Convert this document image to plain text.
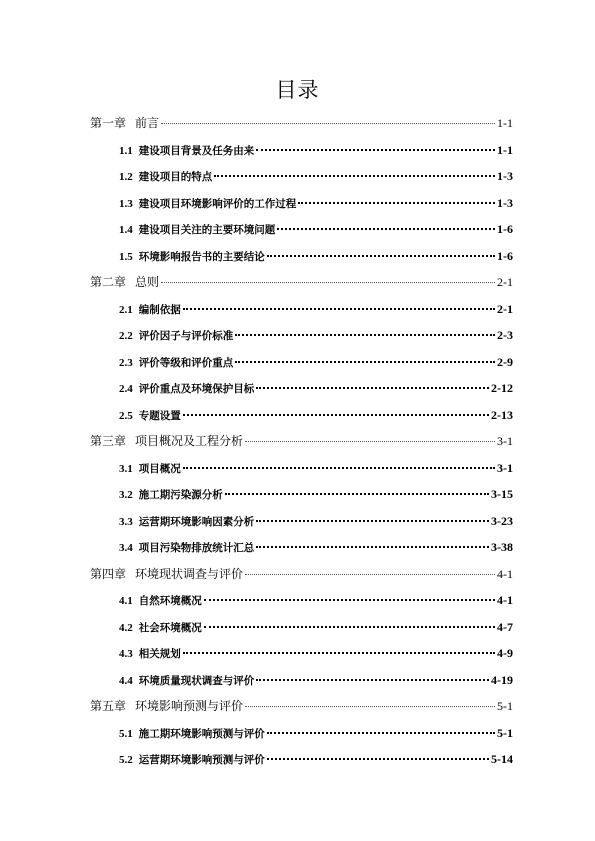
目录
第一章 前言	1-1
1.1 建设项目背景及任务由来	1-1
1.2 建设项目的特点	1-3
1.3 建设项目环境影响评价的工作过程	1-3
1.4 建设项目关注的主要环境问题	1-6
1.5 环境影响报告书的主要结论	1-6
第二章 总则	2-1
2.1 编制依据	2-1
2.2 评价因子与评价标准	2-3
2.3 评价等级和评价重点	2-9
2.4 评价重点及环境保护目标	2-12
2.5 专题设置	2-13
第三章 项目概况及工程分析	3-1
3.1 项目概况	3-1
3.2 施工期污染源分析	3-15
3.3 运营期环境影响因素分析	3-23
3.4 项目污染物排放统计汇总	3-38
第四章 环境现状调查与评价	4-1
4.1 自然环境概况	4-1
4.2 社会环境概况	4-7
4.3 相关规划	4-9
4.4 环境质量现状调查与评价	4-19
第五章 环境影响预测与评价	5-1
5.1 施工期环境影响预测与评价	5-1
5.2 运营期环境影响预测与评价	5-14
